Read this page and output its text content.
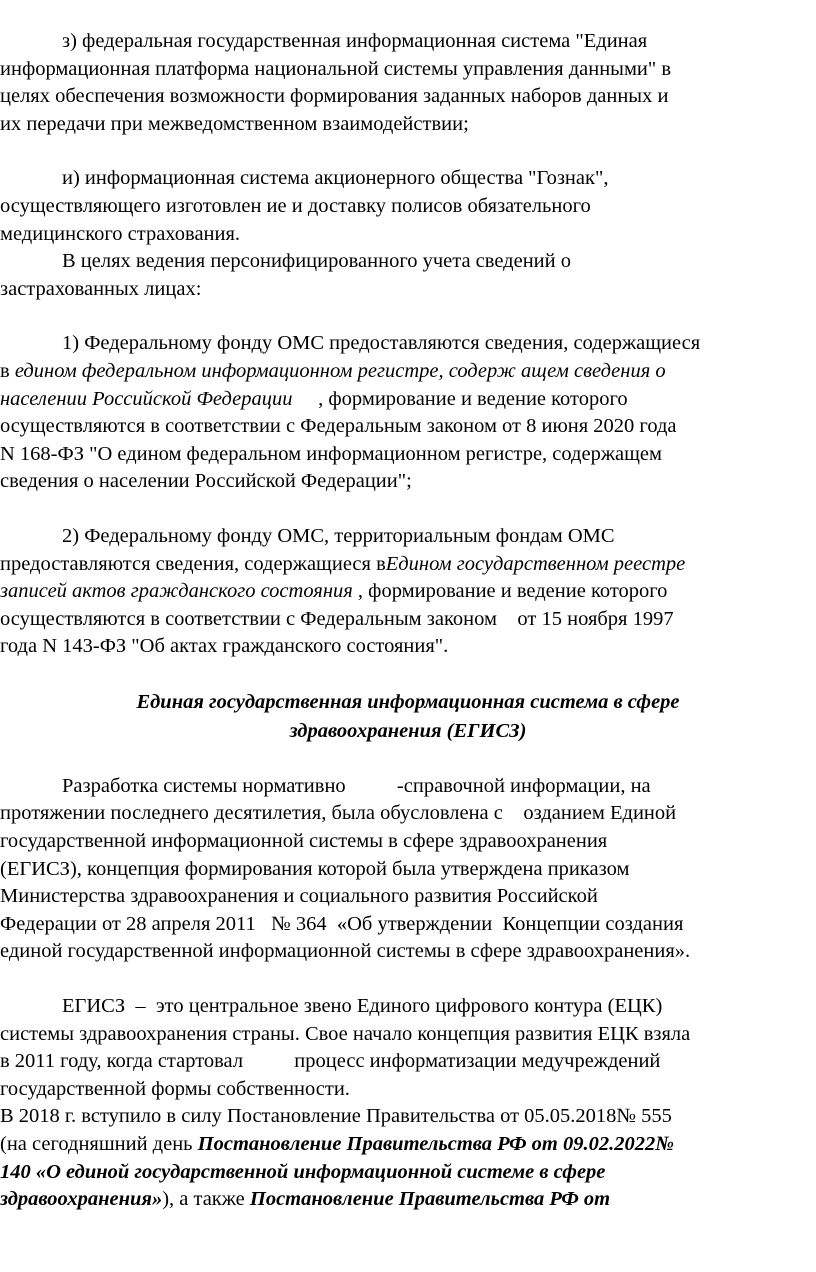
з) федеральная государственная информационная система "Единая
информационная платформа национальной системы управления данными" в
целях обеспечения возможности формирования заданных наборов данных и
их передачи при межведомственном взаимодействии;
и) информационная система акционерного общества "Гознак",
осуществляющего изготовлен ие и доставку полисов обязательного
медицинского страхования.
В целях ведения персонифицированного учета сведений о
застрахованных лицах:
1) Федеральному фонду ОМС предоставляются сведения, содержащиеся
в едином федеральном информационном регистре, содерж ащем сведения о
населении Российской Федерации     , формирование и ведение которого
осуществляются в соответствии с Федеральным законом от 8 июня 2020 года
N 168-ФЗ "О едином федеральном информационном регистре, содержащем
сведения о населении Российской Федерации";
2) Федеральному фонду ОМС, территориальным фондам ОМС
предоставляются сведения, содержащиеся вЕдином государственном реестре
записей актов гражданского состояния , формирование и ведение которого
осуществляются в соответствии с Федеральным законом    от 15 ноября 1997
года N 143-ФЗ "Об актах гражданского состояния".
Единая государственная информационная система в сфере
здравоохранения (ЕГИСЗ)
Разработка системы нормативно          -справочной информации, на
протяжении последнего десятилетия, была обусловлена с    озданием Единой
государственной информационной системы в сфере здравоохранения
(ЕГИСЗ), концепция формирования которой была утверждена приказом
Министерства здравоохранения и социального развития Российской
Федерации от 28 апреля 2011   № 364  «Об утверждении  Концепции создания
единой государственной информационной системы в сфере здравоохранения».
ЕГИСЗ  –  это центральное звено Единого цифрового контура (ЕЦК)
системы здравоохранения страны. Свое начало концепция развития ЕЦК взяла
в 2011 году, когда стартовал          процесс информатизации медучреждений
государственной формы собственности.
В 2018 г. вступило в силу Постановление Правительства от 05.05.2018№ 555
(на сегодняшний день Постановление Правительства РФ от 09.02.2022№
140 «О единой государственной информационной системе в сфере
здравоохранения»), а также Постановление Правительства РФ от
